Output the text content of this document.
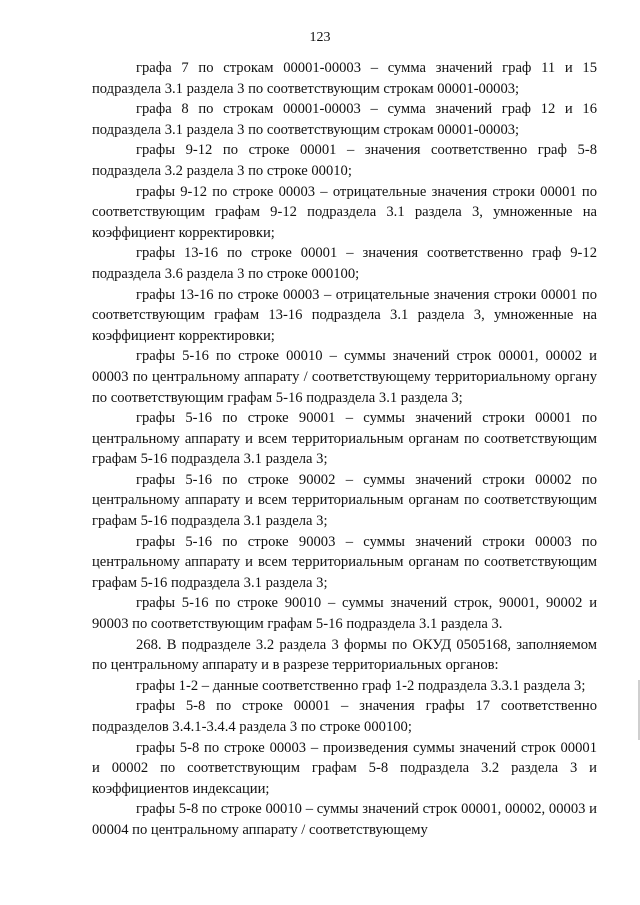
123

графа 7 по строкам 00001-00003 – сумма значений граф 11 и 15 подраздела 3.1 раздела 3 по соответствующим строкам 00001-00003;

графа 8 по строкам 00001-00003 – сумма значений граф 12 и 16 подраздела 3.1 раздела 3 по соответствующим строкам 00001-00003;

графы 9-12 по строке 00001 – значения соответственно граф 5-8 подраздела 3.2 раздела 3 по строке 00010;

графы 9-12 по строке 00003 – отрицательные значения строки 00001 по соответствующим графам 9-12 подраздела 3.1 раздела 3, умноженные на коэффициент корректировки;

графы 13-16 по строке 00001 – значения соответственно граф 9-12 подраздела 3.6 раздела 3 по строке 000100;

графы 13-16 по строке 00003 – отрицательные значения строки 00001 по соответствующим графам 13-16 подраздела 3.1 раздела 3, умноженные на коэффициент корректировки;

графы 5-16 по строке 00010 – суммы значений строк 00001, 00002 и 00003 по центральному аппарату / соответствующему территориальному органу по соответствующим графам 5-16 подраздела 3.1 раздела 3;

графы 5-16 по строке 90001 – суммы значений строки 00001 по центральному аппарату и всем территориальным органам по соответствующим графам 5-16 подраздела 3.1 раздела 3;

графы 5-16 по строке 90002 – суммы значений строки 00002 по центральному аппарату и всем территориальным органам по соответствующим графам 5-16 подраздела 3.1 раздела 3;

графы 5-16 по строке 90003 – суммы значений строки 00003 по центральному аппарату и всем территориальным органам по соответствующим графам 5-16 подраздела 3.1 раздела 3;

графы 5-16 по строке 90010 – суммы значений строк, 90001, 90002 и 90003 по соответствующим графам 5-16 подраздела 3.1 раздела 3.

268. В подразделе 3.2 раздела 3 формы по ОКУД 0505168, заполняемом по центральному аппарату и в разрезе территориальных органов:

графы 1-2 – данные соответственно граф 1-2 подраздела 3.3.1 раздела 3;

графы 5-8 по строке 00001 – значения графы 17 соответственно подразделов 3.4.1-3.4.4 раздела 3 по строке 000100;

графы 5-8 по строке 00003 – произведения суммы значений строк 00001 и 00002 по соответствующим графам 5-8 подраздела 3.2 раздела 3 и коэффициентов индексации;

графы 5-8 по строке 00010 – суммы значений строк 00001, 00002, 00003 и 00004 по центральному аппарату / соответствующему
